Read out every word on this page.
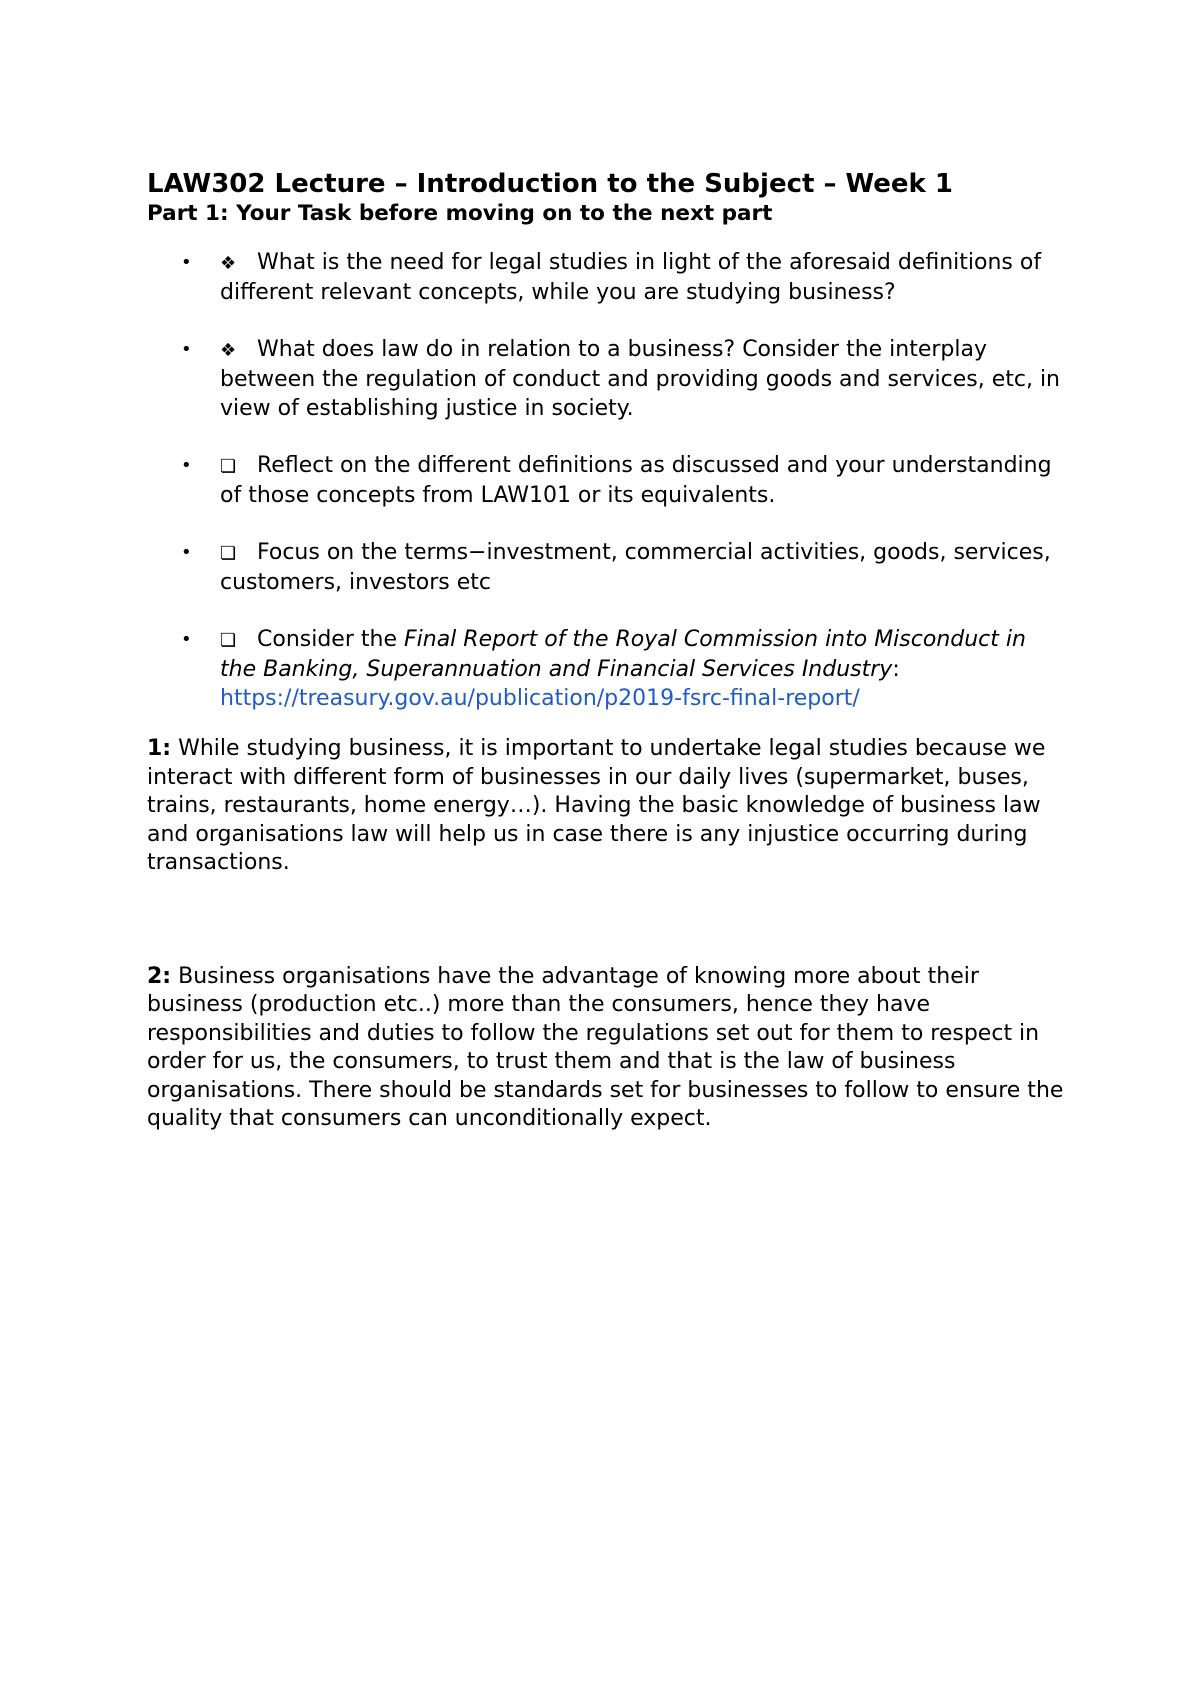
LAW302 Lecture – Introduction to the Subject – Week 1
Part 1: Your Task before moving on to the next part
• ❖ What is the need for legal studies in light of the aforesaid definitions of different relevant concepts, while you are studying business?
• ❖ What does law do in relation to a business? Consider the interplay between the regulation of conduct and providing goods and services, etc, in view of establishing justice in society.
• ❏ Reflect on the different definitions as discussed and your understanding of those concepts from LAW101 or its equivalents.
• ❏ Focus on the terms−investment, commercial activities, goods, services, customers, investors etc
• ❏ Consider the Final Report of the Royal Commission into Misconduct in the Banking, Superannuation and Financial Services Industry: https://treasury.gov.au/publication/p2019-fsrc-final-report/

1: While studying business, it is important to undertake legal studies because we interact with different form of businesses in our daily lives (supermarket, buses, trains, restaurants, home energy…). Having the basic knowledge of business law and organisations law will help us in case there is any injustice occurring during transactions.

2: Business organisations have the advantage of knowing more about their business (production etc..) more than the consumers, hence they have responsibilities and duties to follow the regulations set out for them to respect in order for us, the consumers, to trust them and that is the law of business organisations. There should be standards set for businesses to follow to ensure the quality that consumers can unconditionally expect.
